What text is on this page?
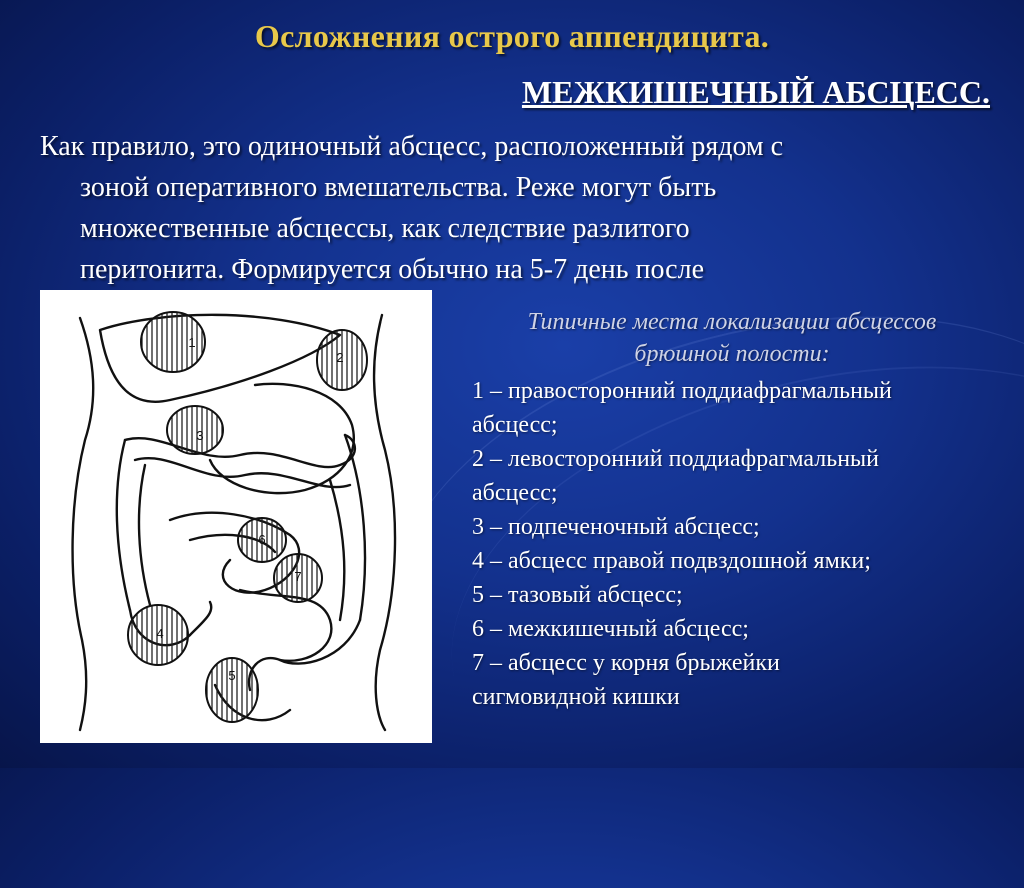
Осложнения острого аппендицита.
МЕЖКИШЕЧНЫЙ АБСЦЕСС.
Как правило, это одиночный абсцесс, расположенный рядом с
зоной оперативного вмешательства. Реже могут быть
множественные абсцессы, как следствие разлитого
перитонита. Формируется обычно на 5-7 день после
1
2
3
4
5
6
7
Типичные места локализации абсцессов
брюшной полости:
1 – правосторонний поддиафрагмальный
абсцесс;
2 – левосторонний поддиафрагмальный
абсцесс;
3 – подпеченочный абсцесс;
4 – абсцесс правой подвздошной ямки;
5 – тазовый абсцесс;
6 – межкишечный абсцесс;
7 – абсцесс у корня брыжейки
сигмовидной кишки
